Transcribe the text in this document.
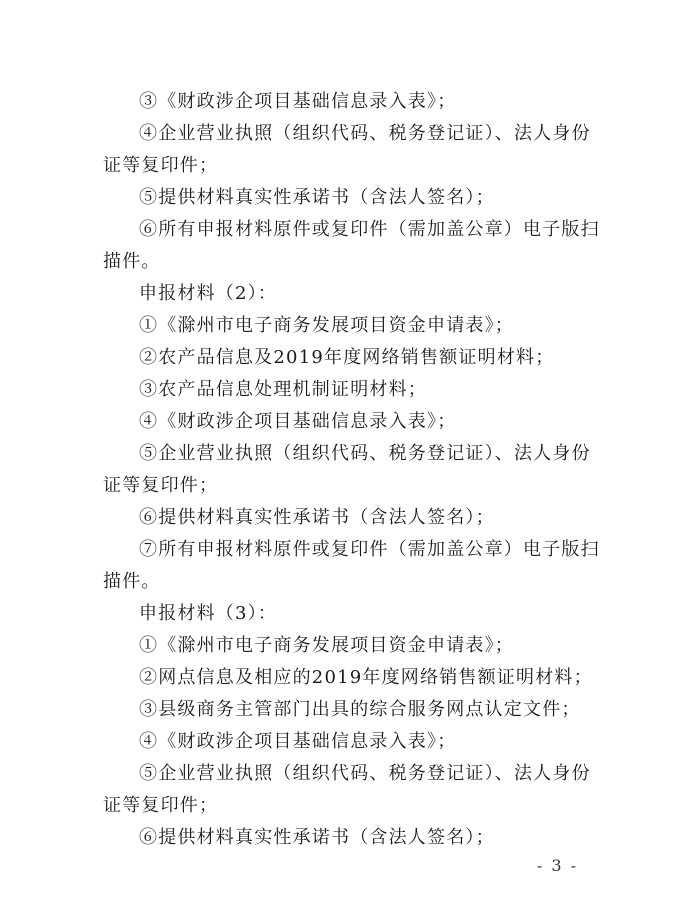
③《财政涉企项目基础信息录入表》；
④企业营业执照（组织代码、税务登记证）、法人身份
证等复印件；
⑤提供材料真实性承诺书（含法人签名）；
⑥所有申报材料原件或复印件（需加盖公章）电子版扫
描件。
申报材料（2）：
①《滁州市电子商务发展项目资金申请表》；
②农产品信息及2019年度网络销售额证明材料；
③农产品信息处理机制证明材料；
④《财政涉企项目基础信息录入表》；
⑤企业营业执照（组织代码、税务登记证）、法人身份
证等复印件；
⑥提供材料真实性承诺书（含法人签名）；
⑦所有申报材料原件或复印件（需加盖公章）电子版扫
描件。
申报材料（3）：
①《滁州市电子商务发展项目资金申请表》；
②网点信息及相应的2019年度网络销售额证明材料；
③县级商务主管部门出具的综合服务网点认定文件；
④《财政涉企项目基础信息录入表》；
⑤企业营业执照（组织代码、税务登记证）、法人身份
证等复印件；
⑥提供材料真实性承诺书（含法人签名）；
- 3 -
